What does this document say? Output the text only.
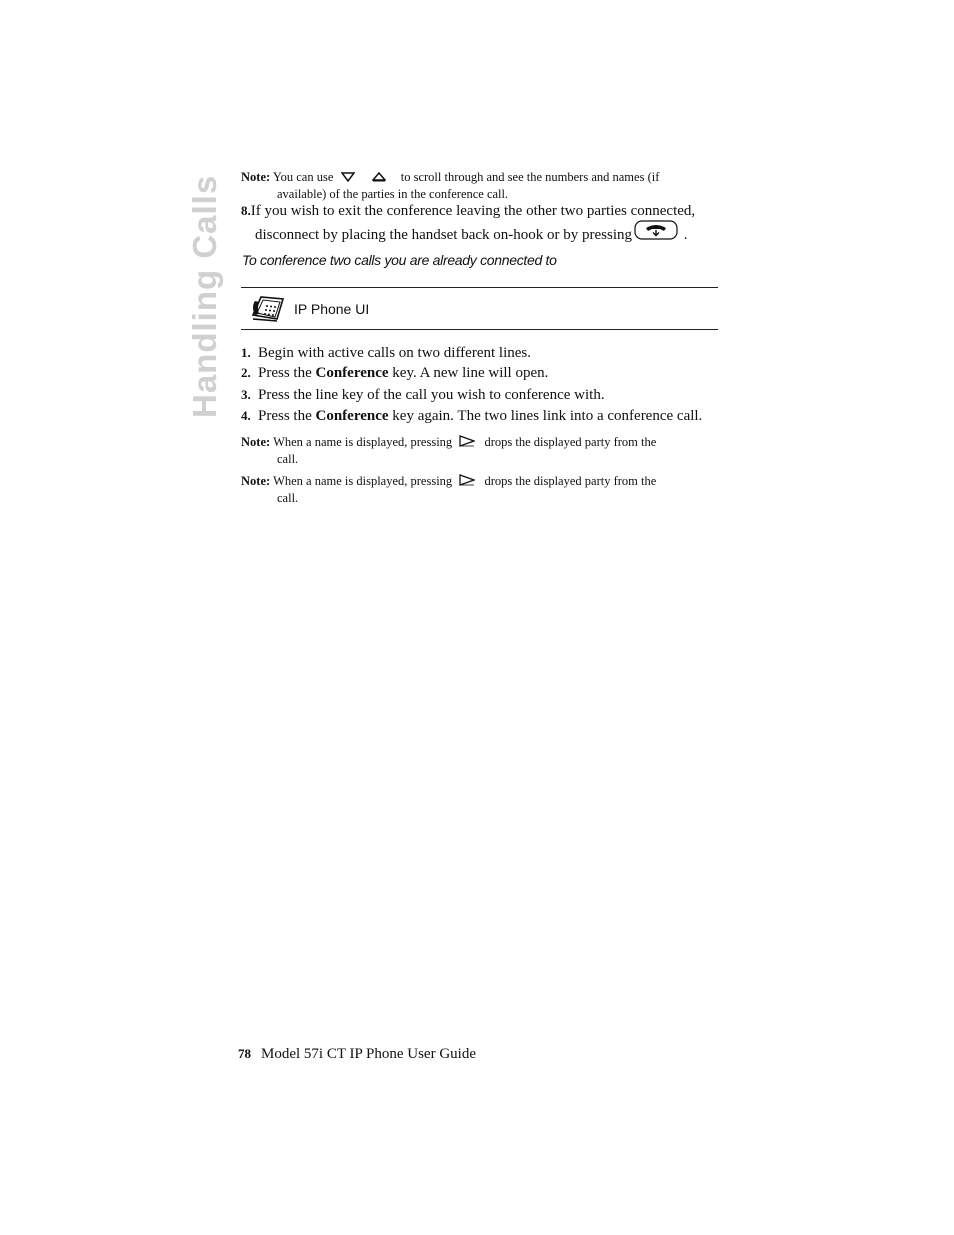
Handling Calls Note: You can use	to scroll through and see the numbers and names (if
available) of the parties in the conference call.
8.If you wish to exit the conference leaving the other two parties connected,
disconnect by placing the handset back on-hook or by pressing	.
To conference two calls you are already connected to
IP Phone UI
1. Begin with active calls on two different lines.
2. Press the Conference key. A new line will open.
3. Press the line key of the call you wish to conference with.
4. Press the Conference key again. The two lines link into a conference call.
Note: When a name is displayed, pressing	drops the displayed party from the
call.
Note: When a name is displayed, pressing	drops the displayed party from the
call.
78 Model 57i CT IP Phone User Guide
